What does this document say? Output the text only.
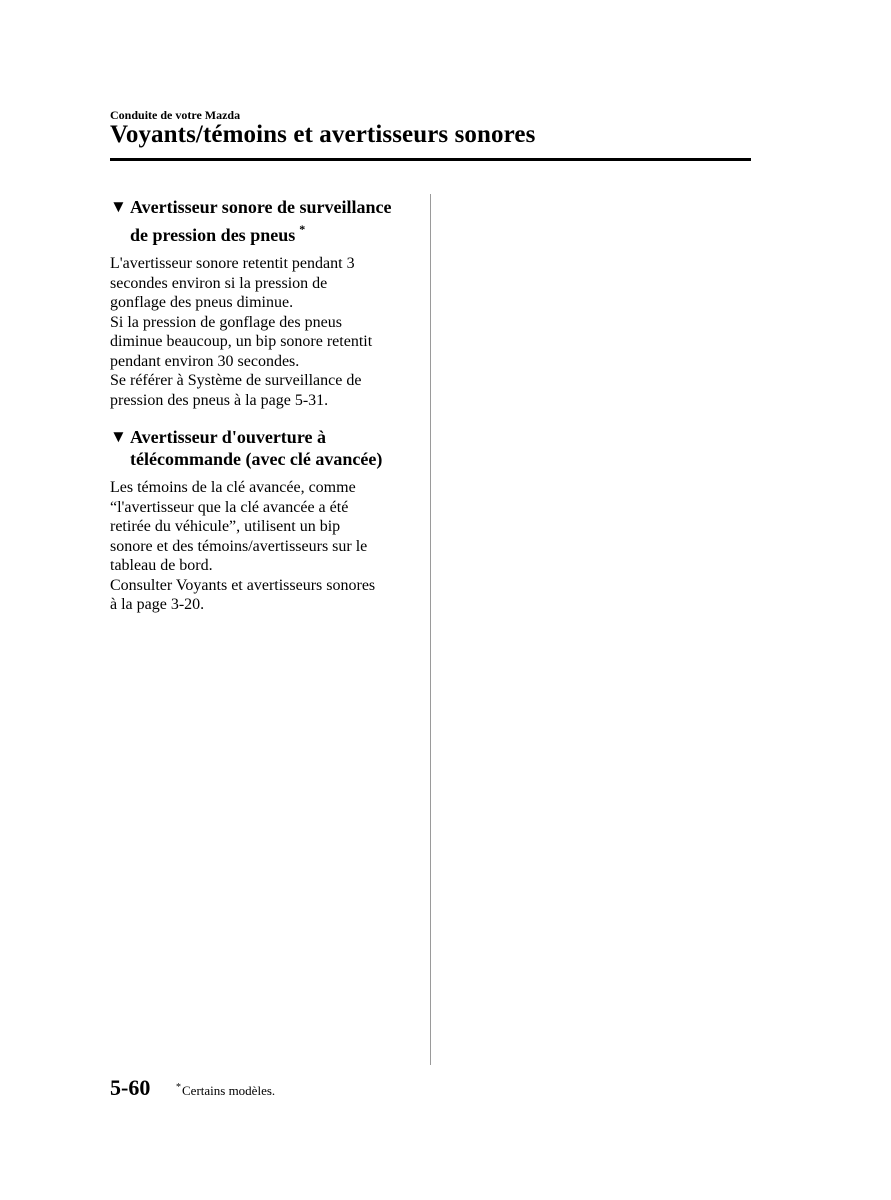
Conduite de votre Mazda
Voyants/témoins et avertisseurs sonores
▼ Avertisseur sonore de surveillance
de pression des pneus *

L'avertisseur sonore retentit pendant 3
secondes environ si la pression de
gonflage des pneus diminue.
Si la pression de gonflage des pneus
diminue beaucoup, un bip sonore retentit
pendant environ 30 secondes.
Se référer à Système de surveillance de
pression des pneus à la page 5-31.

▼ Avertisseur d'ouverture à
télécommande (avec clé avancée)

Les témoins de la clé avancée, comme
“l'avertisseur que la clé avancée a été
retirée du véhicule”, utilisent un bip
sonore et des témoins/avertisseurs sur le
tableau de bord.
Consulter Voyants et avertisseurs sonores
à la page 3-20.

5-60	*Certains modèles.
